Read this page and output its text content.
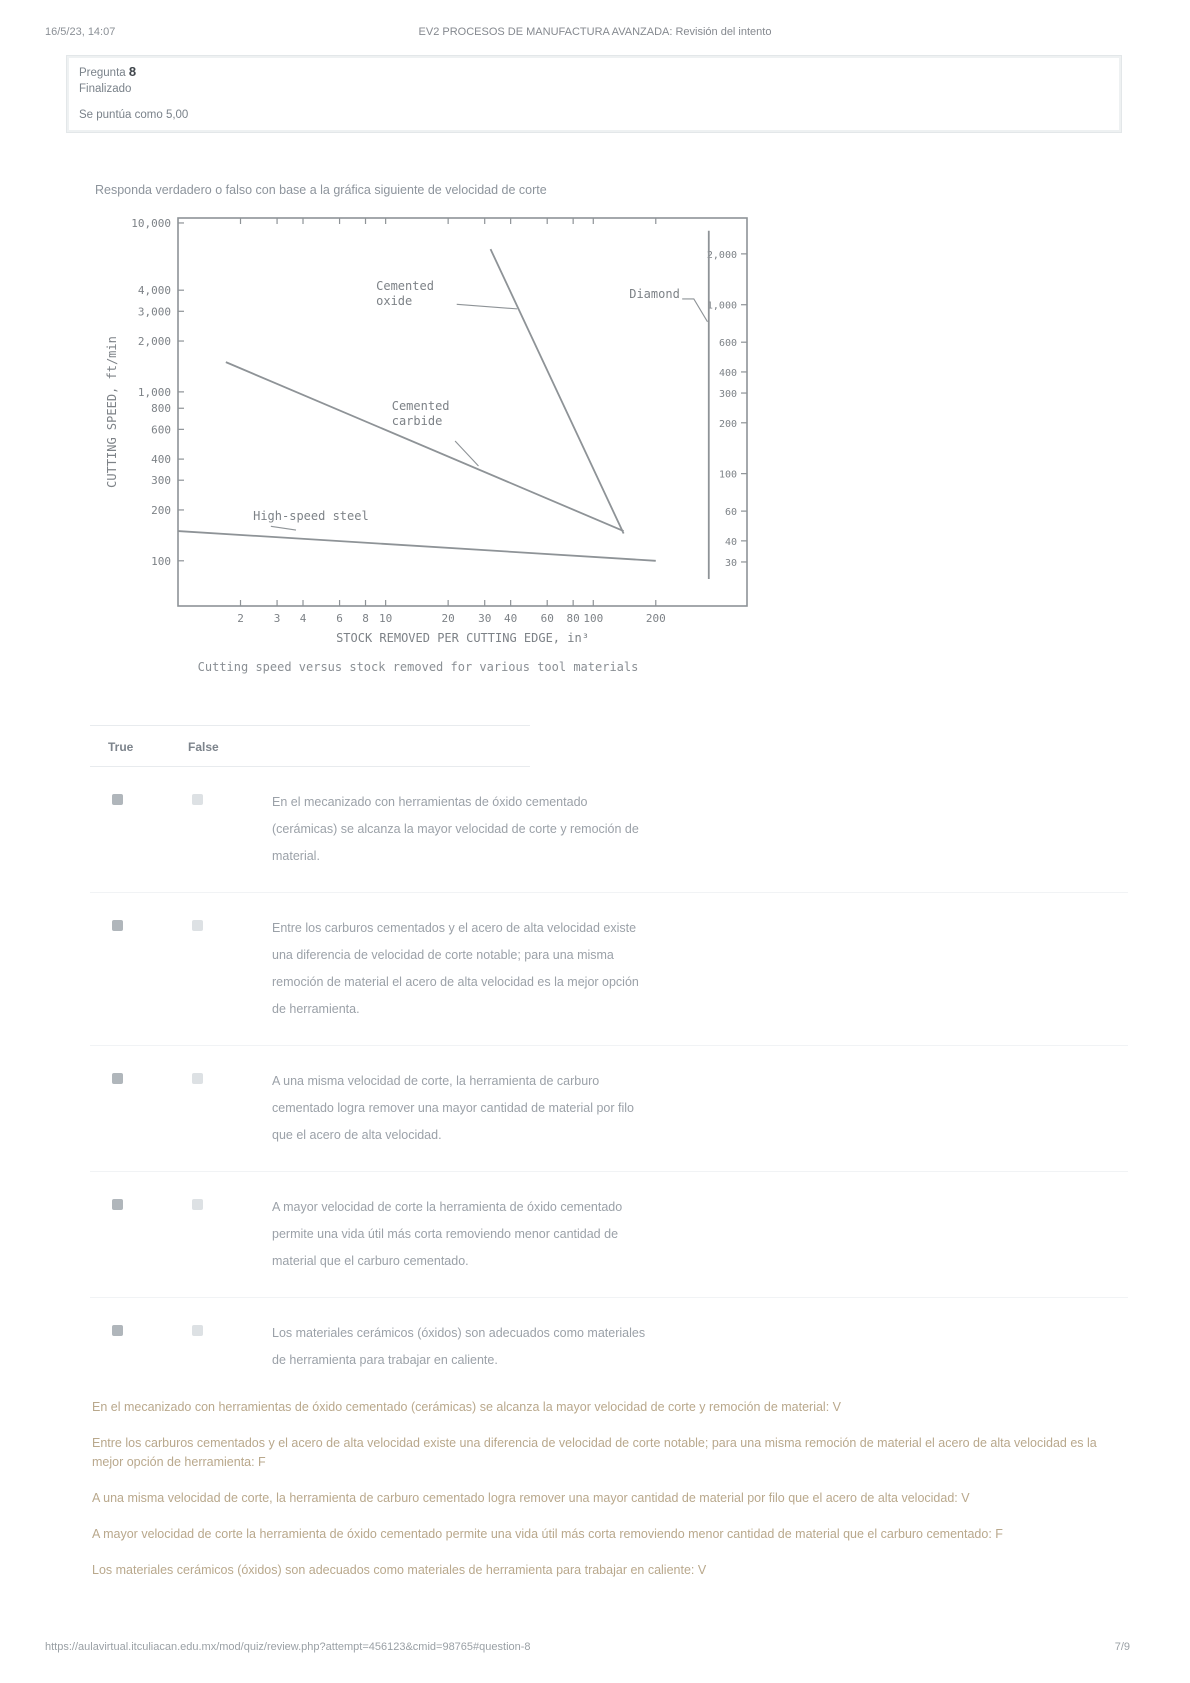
16/5/23, 14:07	EV2 PROCESOS DE MANUFACTURA AVANZADA: Revisión del intento
Pregunta 8
Finalizado
Se puntúa como 5,00
Responda verdadero o falso con base a la gráfica siguiente de velocidad de corte
2	3 4	6 8 10	20 30 40 60 80 100	200
10,000
4,000
3,000
2,000
1,000
800
600
400
300
200
100
2,000
1,000
600
400
300
200
100
60
40
30
Cemented
oxide
Cemented
carbide
High-speed steel
Diamond
STOCK REMOVED PER CUTTING EDGE, in³
CUTTING SPEED, ft/min
Cutting speed versus stock removed for various tool materials
True	False
En el mecanizado con herramientas de óxido cementado (cerámicas) se alcanza la mayor velocidad de corte y remoción de material.
Entre los carburos cementados y el acero de alta velocidad existe una diferencia de velocidad de corte notable; para una misma remoción de material el acero de alta velocidad es la mejor opción de herramienta.
A una misma velocidad de corte, la herramienta de carburo cementado logra remover una mayor cantidad de material por filo que el acero de alta velocidad.
A mayor velocidad de corte la herramienta de óxido cementado permite una vida útil más corta removiendo menor cantidad de material que el carburo cementado.
Los materiales cerámicos (óxidos) son adecuados como materiales de herramienta para trabajar en caliente.
En el mecanizado con herramientas de óxido cementado (cerámicas) se alcanza la mayor velocidad de corte y remoción de material: V
Entre los carburos cementados y el acero de alta velocidad existe una diferencia de velocidad de corte notable; para una misma remoción de material el acero de alta velocidad es la mejor opción de herramienta: F
A una misma velocidad de corte, la herramienta de carburo cementado logra remover una mayor cantidad de material por filo que el acero de alta velocidad: V
A mayor velocidad de corte la herramienta de óxido cementado permite una vida útil más corta removiendo menor cantidad de material que el carburo cementado: F
Los materiales cerámicos (óxidos) son adecuados como materiales de herramienta para trabajar en caliente: V
https://aulavirtual.itculiacan.edu.mx/mod/quiz/review.php?attempt=456123&cmid=98765#question-8	7/9
